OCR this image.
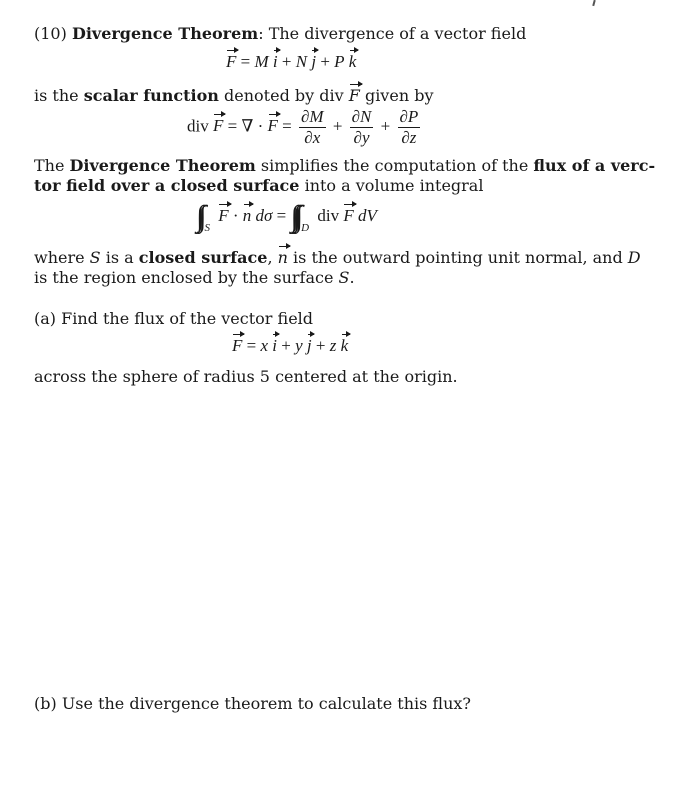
(10) Divergence Theorem: The divergence of a vector field
F = M i + N j + P k
is the scalar function denoted by div F given by
div F = ∇ · $F = \frac{\partial M}{\partial x} + \frac{\partial N}{\partial y} + \frac{\partial P}{\partial z}$
The Divergence Theorem simplifies the computation of the flux of a verc-
tor field over a closed surface into a volume integral
∫∫ $_S$ F · n dσ = ∫∫∫ $_D$ div F dV
where S is a closed surface, n is the outward pointing unit normal, and D
is the region enclosed by the surface S.
(a) Find the flux of the vector field
F = x i + y j + z k
across the sphere of radius 5 centered at the origin.
(b) Use the divergence theorem to calculate this flux?
